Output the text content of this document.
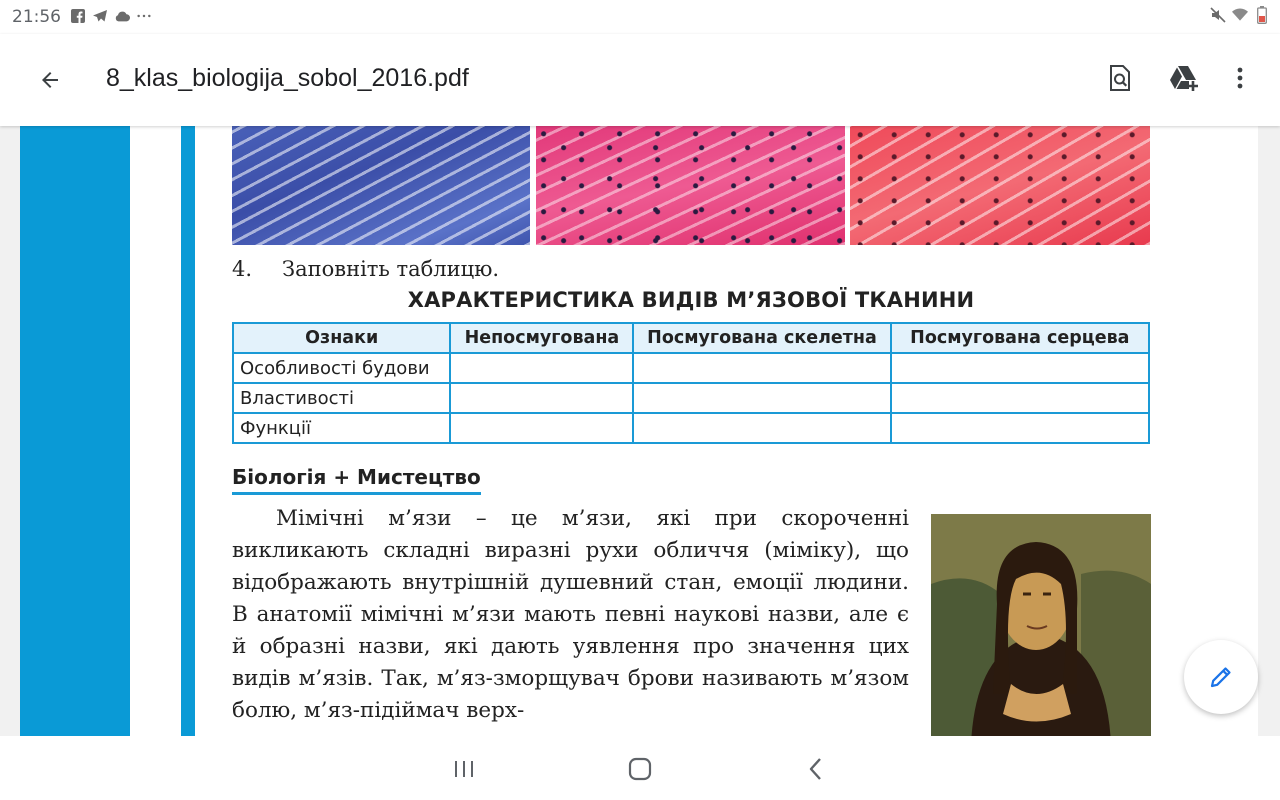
21:56
8_klas_biologija_sobol_2016.pdf
4. Заповніть таблицю.
ХАРАКТЕРИСТИКА ВИДІВ М’ЯЗОВОЇ ТКАНИНИ
Ознаки	Непосмугована	Посмугована скелетна	Посмугована серцева
Особливості будови			
Властивості			
Функції			
Біологія + Мистецтво

Мімічні м’язи – це м’язи, які при скороченні викликають складні виразні рухи обличчя (міміку), що відображають внутрішній душевний стан, емоції людини. В анатомії мімічні м’язи мають певні наукові назви, але є й образні назви, які дають уявлення про значення цих видів м’язів. Так, м’яз-зморщувач брови називають м’язом болю, м’яз-підіймач верх-
